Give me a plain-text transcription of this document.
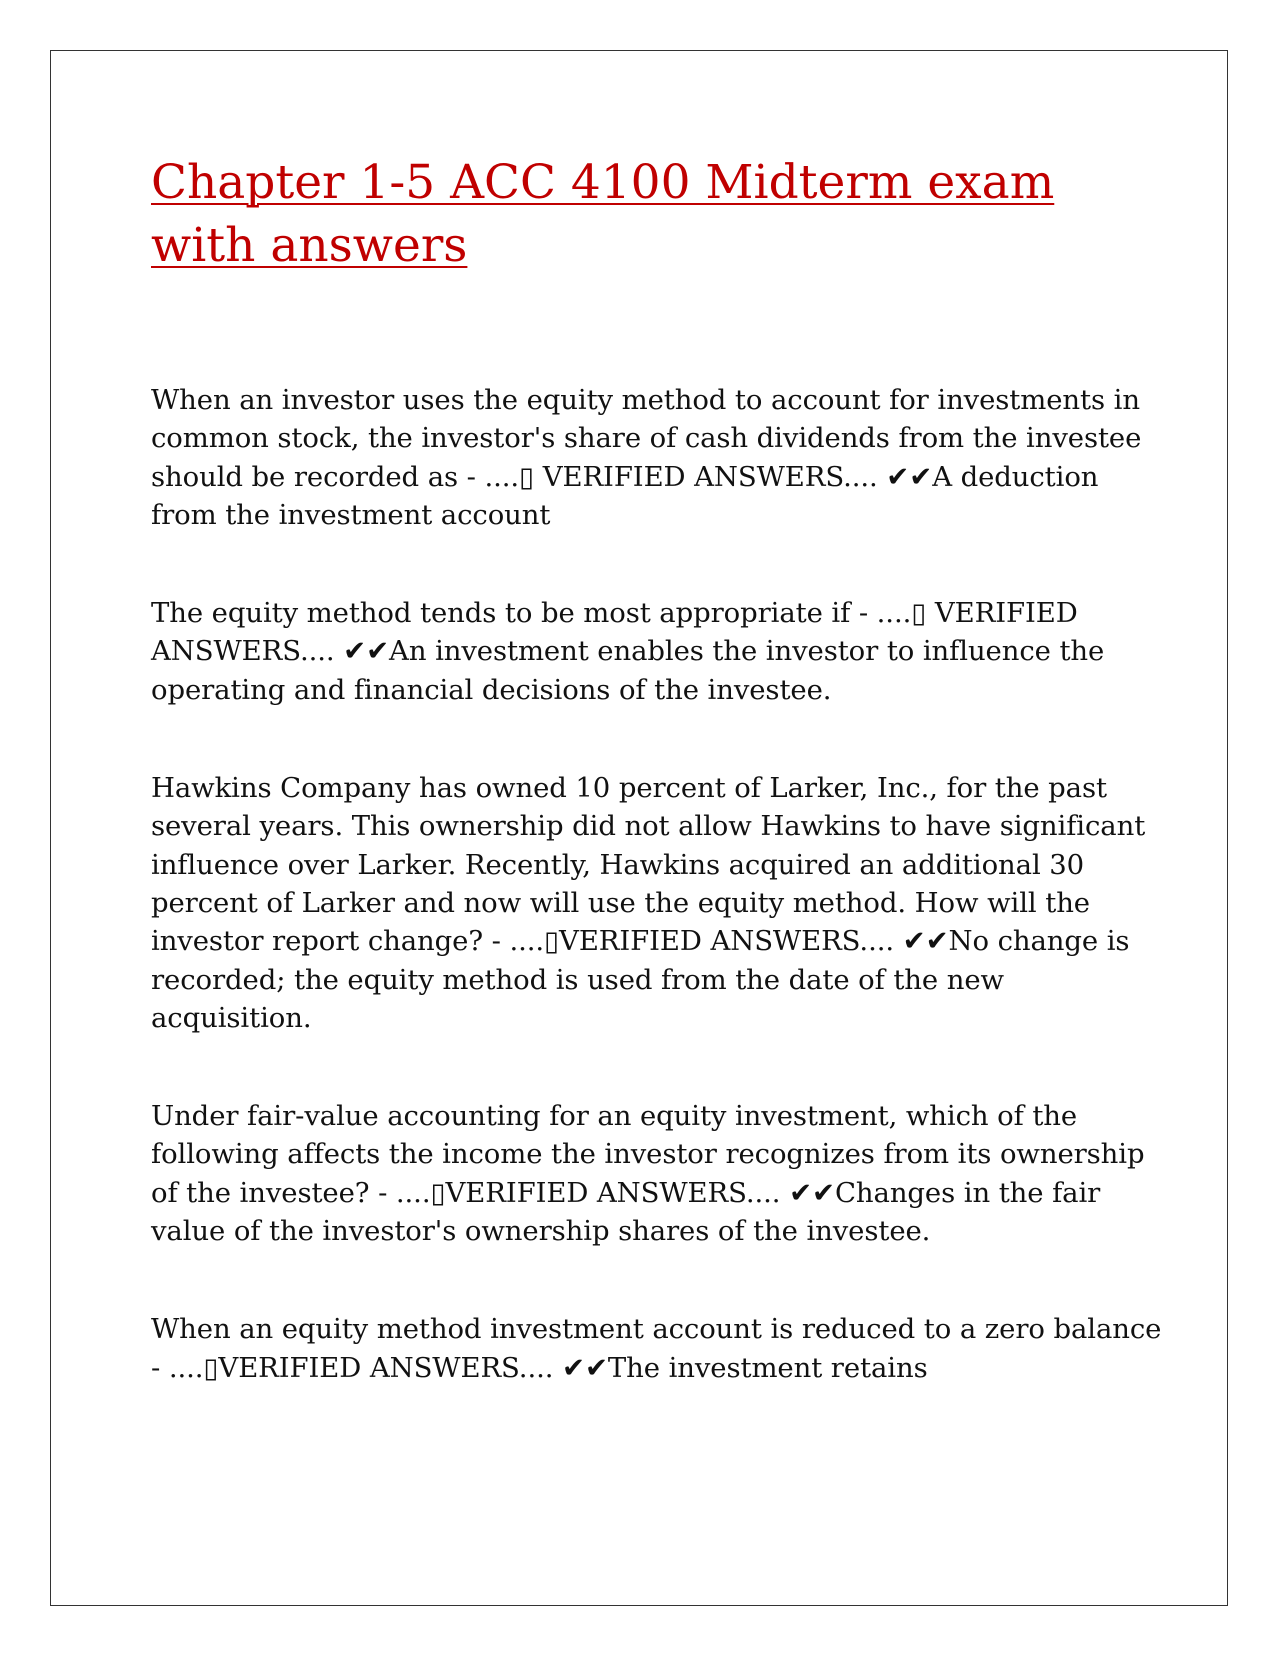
Chapter 1-5 ACC 4100 Midterm exam with answers

When an investor uses the equity method to account for investments in common stock, the investor's share of cash dividends from the investee should be recorded as - ....▯ VERIFIED ANSWERS.... ✔✔A deduction from the investment account

The equity method tends to be most appropriate if - ....▯ VERIFIED ANSWERS.... ✔✔An investment enables the investor to influence the operating and financial decisions of the investee.

Hawkins Company has owned 10 percent of Larker, Inc., for the past several years. This ownership did not allow Hawkins to have significant influence over Larker. Recently, Hawkins acquired an additional 30 percent of Larker and now will use the equity method. How will the investor report change? - ....▯VERIFIED ANSWERS.... ✔✔No change is recorded; the equity method is used from the date of the new acquisition.

Under fair-value accounting for an equity investment, which of the following affects the income the investor recognizes from its ownership of the investee? - ....▯VERIFIED ANSWERS.... ✔✔Changes in the fair value of the investor's ownership shares of the investee.

When an equity method investment account is reduced to a zero balance - ....▯VERIFIED ANSWERS.... ✔✔The investment retains
